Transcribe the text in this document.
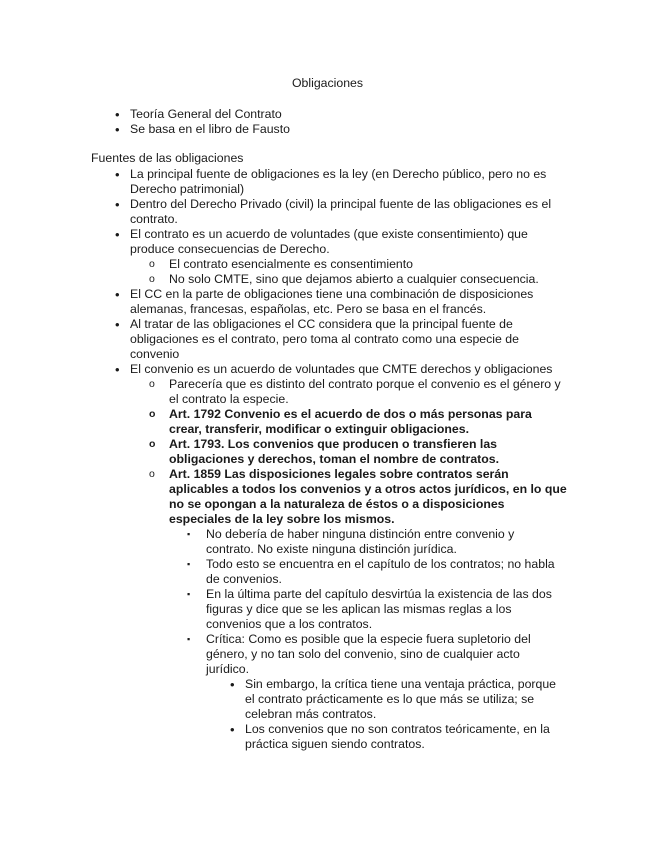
Obligaciones
• Teoría General del Contrato
• Se basa en el libro de Fausto
Fuentes de las obligaciones
• La principal fuente de obligaciones es la ley (en Derecho público, pero no es Derecho patrimonial)
• Dentro del Derecho Privado (civil) la principal fuente de las obligaciones es el contrato.
• El contrato es un acuerdo de voluntades (que existe consentimiento) que produce consecuencias de Derecho.
o El contrato esencialmente es consentimiento
o No solo CMTE, sino que dejamos abierto a cualquier consecuencia.
• El CC en la parte de obligaciones tiene una combinación de disposiciones alemanas, francesas, españolas, etc. Pero se basa en el francés.
• Al tratar de las obligaciones el CC considera que la principal fuente de obligaciones es el contrato, pero toma al contrato como una especie de convenio
• El convenio es un acuerdo de voluntades que CMTE derechos y obligaciones
o Parecería que es distinto del contrato porque el convenio es el género y el contrato la especie.
o Art. 1792 Convenio es el acuerdo de dos o más personas para crear, transferir, modificar o extinguir obligaciones.
o Art. 1793. Los convenios que producen o transfieren las obligaciones y derechos, toman el nombre de contratos.
o Art. 1859 Las disposiciones legales sobre contratos serán aplicables a todos los convenios y a otros actos jurídicos, en lo que no se opongan a la naturaleza de éstos o a disposiciones especiales de la ley sobre los mismos.
▪ No debería de haber ninguna distinción entre convenio y contrato. No existe ninguna distinción jurídica.
▪ Todo esto se encuentra en el capítulo de los contratos; no habla de convenios.
▪ En la última parte del capítulo desvirtúa la existencia de las dos figuras y dice que se les aplican las mismas reglas a los convenios que a los contratos.
▪ Crítica: Como es posible que la especie fuera supletorio del género, y no tan solo del convenio, sino de cualquier acto jurídico.
• Sin embargo, la crítica tiene una ventaja práctica, porque el contrato prácticamente es lo que más se utiliza; se celebran más contratos.
• Los convenios que no son contratos teóricamente, en la práctica siguen siendo contratos.
